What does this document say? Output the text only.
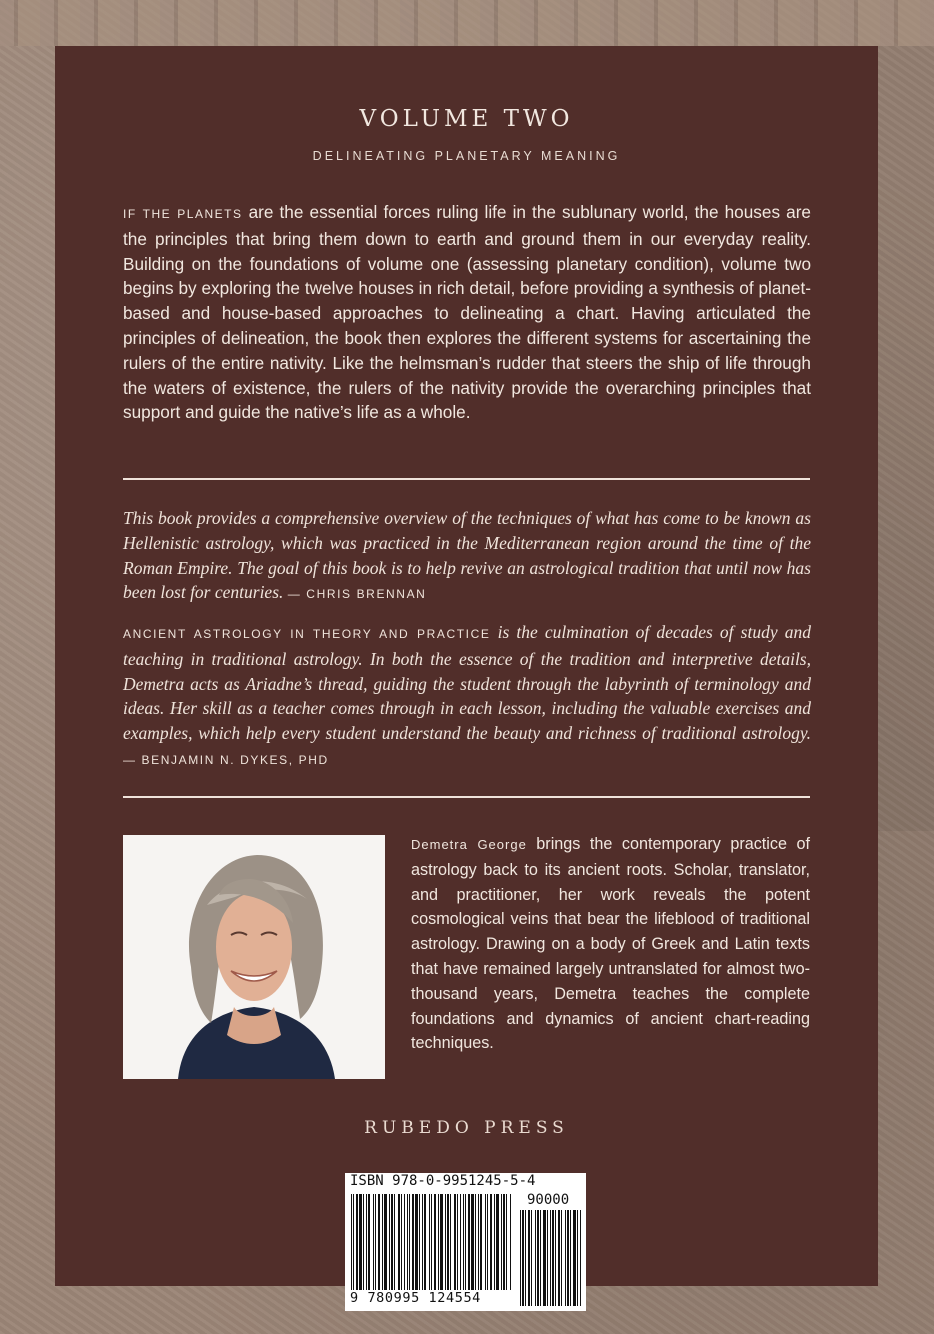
VOLUME TWO
DELINEATING PLANETARY MEANING
IF THE PLANETS are the essential forces ruling life in the sublunary world, the houses are the principles that bring them down to earth and ground them in our everyday reality. Building on the foundations of volume one (assessing planetary condition), volume two begins by exploring the twelve houses in rich detail, before providing a synthesis of planet-based and house-based approaches to delineating a chart. Having articulated the principles of delineation, the book then explores the different systems for ascertaining the rulers of the entire nativity. Like the helmsman’s rudder that steers the ship of life through the waters of existence, the rulers of the nativity provide the overarching principles that support and guide the native’s life as a whole.
This book provides a comprehensive overview of the techniques of what has come to be known as Hellenistic astrology, which was practiced in the Mediterranean region around the time of the Roman Empire. The goal of this book is to help revive an astrological tradition that until now has been lost for centuries. — CHRIS BRENNAN
ANCIENT ASTROLOGY IN THEORY AND PRACTICE is the culmination of decades of study and teaching in traditional astrology. In both the essence of the tradition and interpretive details, Demetra acts as Ariadne’s thread, guiding the student through the labyrinth of terminology and ideas. Her skill as a teacher comes through in each lesson, including the valuable exercises and examples, which help every student understand the beauty and richness of traditional astrology. — BENJAMIN N. DYKES, PHD
Demetra George brings the contemporary practice of astrology back to its ancient roots. Scholar, translator, and practitioner, her work reveals the potent cosmological veins that bear the lifeblood of traditional astrology. Drawing on a body of Greek and Latin texts that have remained largely untranslated for almost two-thousand years, Demetra teaches the complete foundations and dynamics of ancient chart-reading techniques.
RUBEDO PRESS
ISBN 978-0-9951245-5-4
90000
9 780995 124554
